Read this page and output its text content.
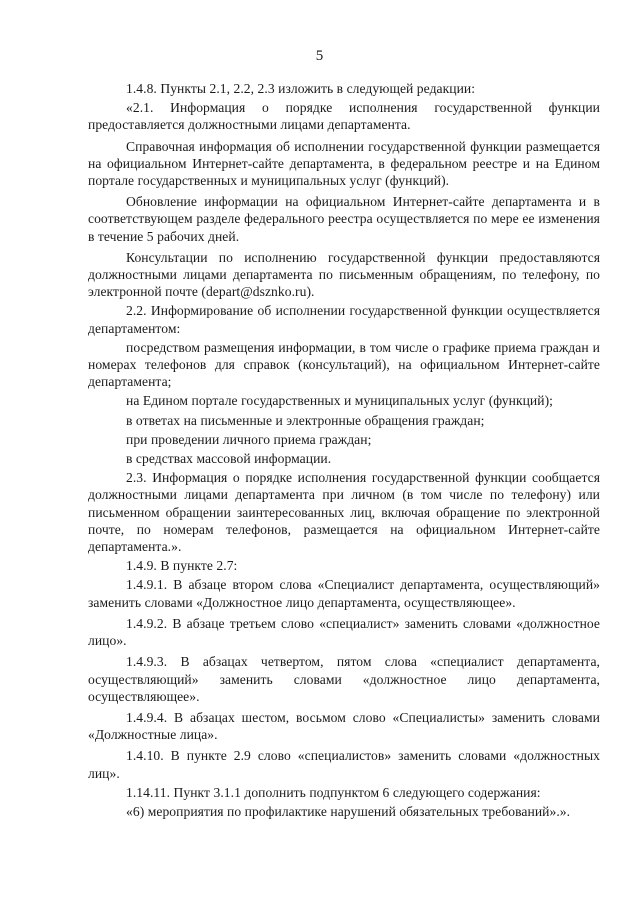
5

1.4.8. Пункты 2.1, 2.2, 2.3 изложить в следующей редакции:

«2.1. Информация о порядке исполнения государственной функции предоставляется должностными лицами департамента.

Справочная информация об исполнении государственной функции размещается на официальном Интернет-сайте департамента, в федеральном реестре и на Едином портале государственных и муниципальных услуг (функций).

Обновление информации на официальном Интернет-сайте департамента и в соответствующем разделе федерального реестра осуществляется по мере ее изменения в течение 5 рабочих дней.

Консультации по исполнению государственной функции предоставляются должностными лицами департамента по письменным обращениям, по телефону, по электронной почте (depart@dsznko.ru).

2.2. Информирование об исполнении государственной функции осуществляется департаментом:

посредством размещения информации, в том числе о графике приема граждан и номерах телефонов для справок (консультаций), на официальном Интернет-сайте департамента;

на Едином портале государственных и муниципальных услуг (функций);

в ответах на письменные и электронные обращения граждан;

при проведении личного приема граждан;

в средствах массовой информации.

2.3. Информация о порядке исполнения государственной функции сообщается должностными лицами департамента при личном (в том числе по телефону) или письменном обращении заинтересованных лиц, включая обращение по электронной почте, по номерам телефонов, размещается на официальном Интернет-сайте департамента.».

1.4.9. В пункте 2.7:

1.4.9.1. В абзаце втором слова «Специалист департамента, осуществляющий» заменить словами «Должностное лицо департамента, осуществляющее».

1.4.9.2. В абзаце третьем слово «специалист» заменить словами «должностное лицо».

1.4.9.3. В абзацах четвертом, пятом слова «специалист департамента, осуществляющий» заменить словами «должностное лицо департамента, осуществляющее».

1.4.9.4. В абзацах шестом, восьмом слово «Специалисты» заменить словами «Должностные лица».

1.4.10. В пункте 2.9 слово «специалистов» заменить словами «должностных лиц».

1.14.11. Пункт 3.1.1 дополнить подпунктом 6 следующего содержания:

«6) мероприятия по профилактике нарушений обязательных требований».».
